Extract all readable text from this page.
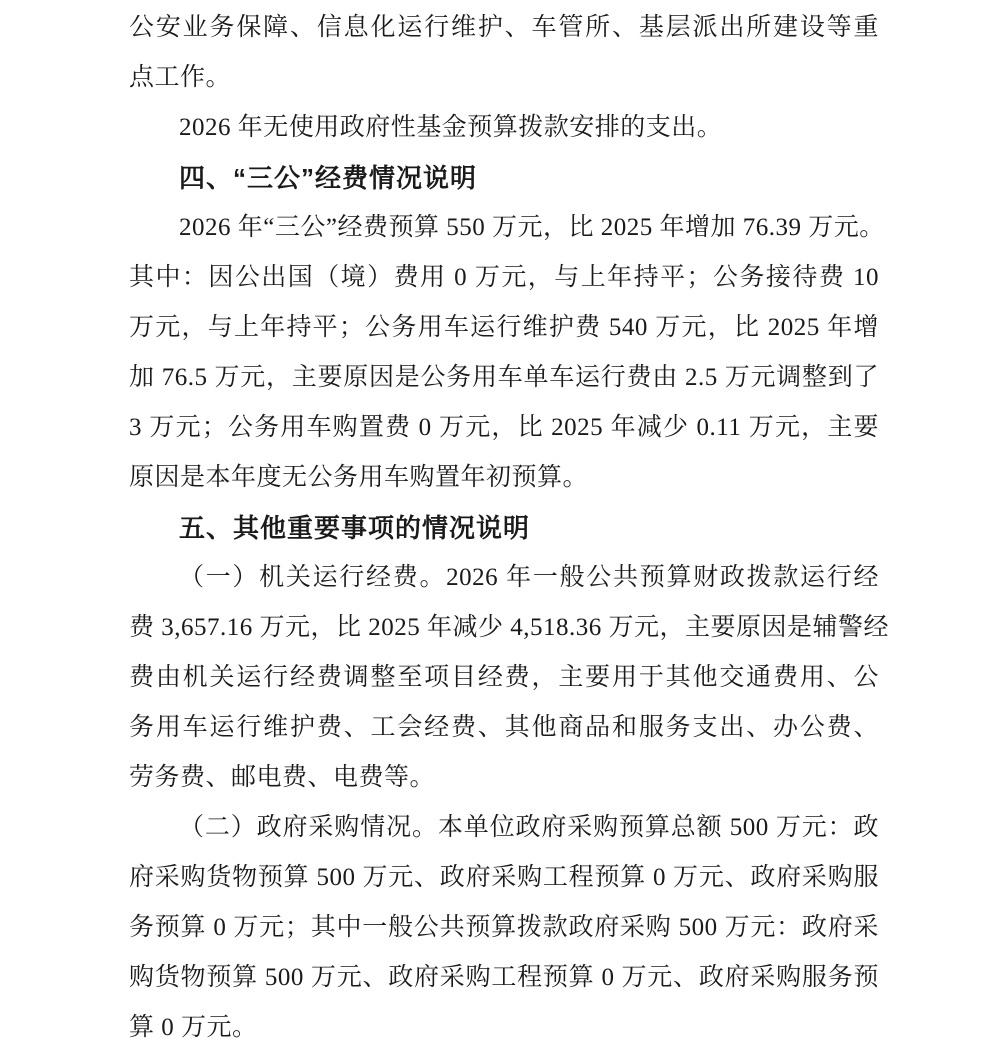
公安业务保障、信息化运行维护、车管所、基层派出所建设等重
点工作。
2026 年无使用政府性基金预算拨款安排的支出。
四、“三公”经费情况说明
2026 年“三公”经费预算 550 万元，比 2025 年增加 76.39 万元。
其中：因公出国（境）费用 0 万元，与上年持平；公务接待费 10
万元，与上年持平；公务用车运行维护费 540 万元，比 2025 年增
加 76.5 万元，主要原因是公务用车单车运行费由 2.5 万元调整到了
3 万元；公务用车购置费 0 万元，比 2025 年减少 0.11 万元，主要
原因是本年度无公务用车购置年初预算。
五、其他重要事项的情况说明
（一）机关运行经费。2026 年一般公共预算财政拨款运行经
费 3,657.16 万元，比 2025 年减少 4,518.36 万元，主要原因是辅警经
费由机关运行经费调整至项目经费，主要用于其他交通费用、公
务用车运行维护费、工会经费、其他商品和服务支出、办公费、
劳务费、邮电费、电费等。
（二）政府采购情况。本单位政府采购预算总额 500 万元：政
府采购货物预算 500 万元、政府采购工程预算 0 万元、政府采购服
务预算 0 万元；其中一般公共预算拨款政府采购 500 万元：政府采
购货物预算 500 万元、政府采购工程预算 0 万元、政府采购服务预
算 0 万元。
